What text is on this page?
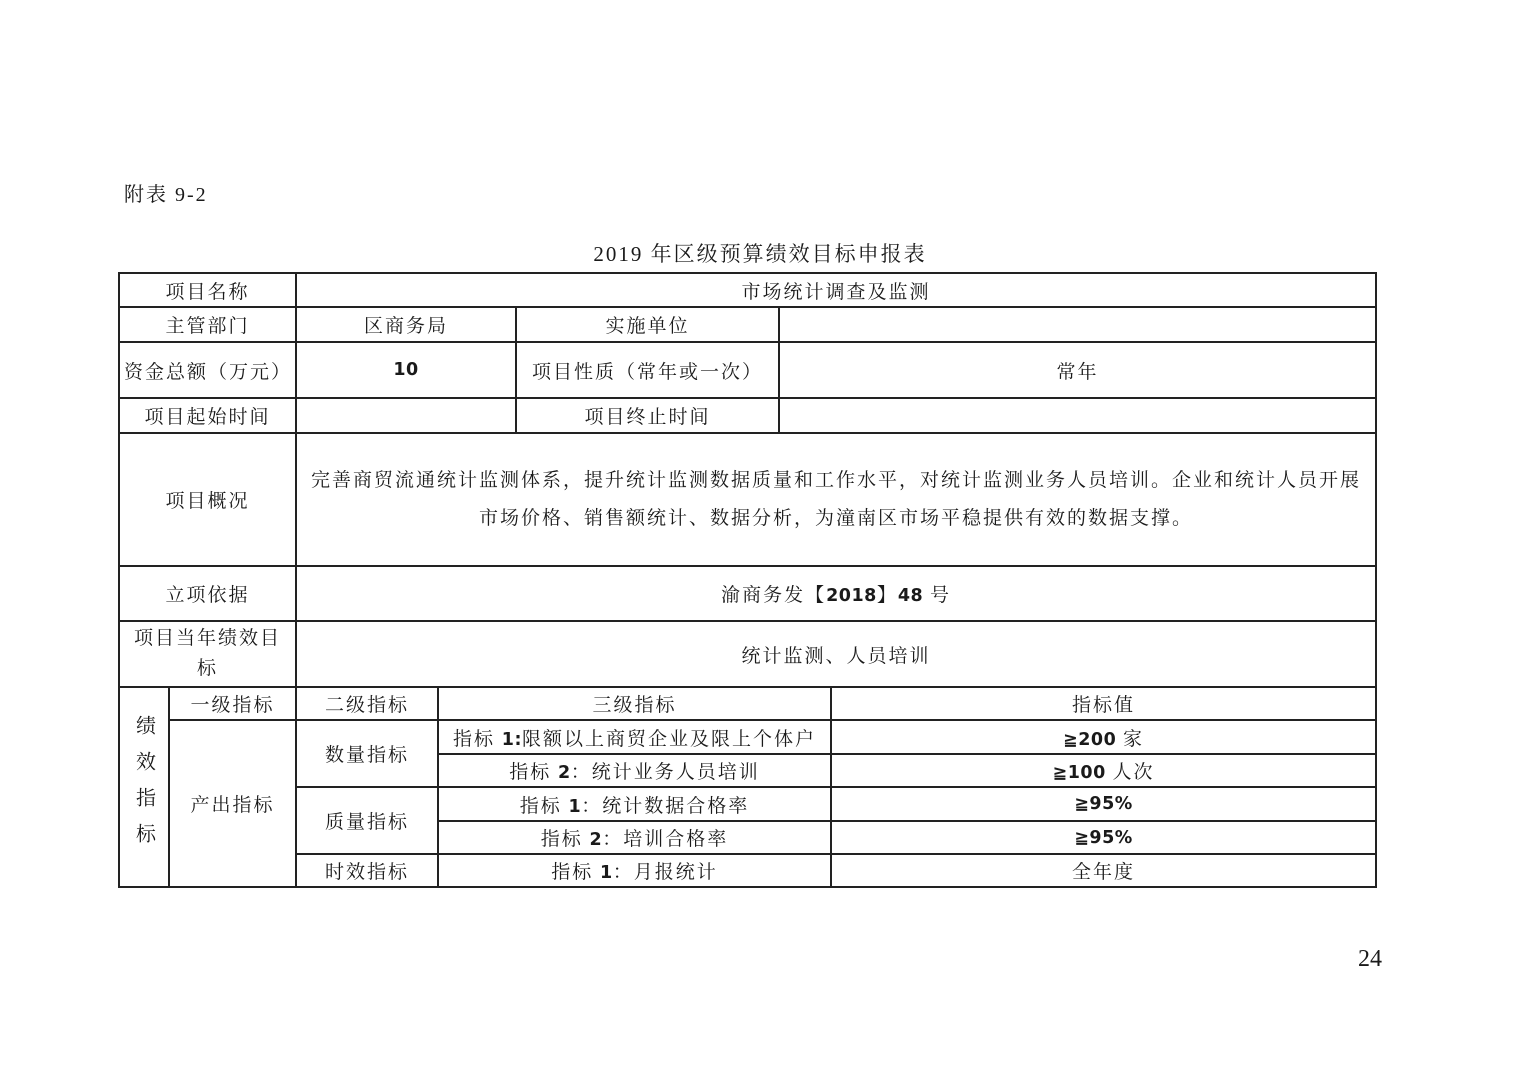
附表 9-2
2019 年区级预算绩效目标申报表
项目名称		市场统计调查及监测				
主管部门		区商务局		实施单位		
资金总额（万元）		10		项目性质（常年或一次）	常年	
项目起始时间				项目终止时间		
项目概况		完善商贸流通统计监测体系，提升统计监测数据质量和工作水平，对统计监测业务人员培训。企业和统计人员开展市场价格、销售额统计、数据分析，为潼南区市场平稳提供有效的数据支撑。				
立项依据		渝商务发【2018】48 号				
项目当年绩效目标		统计监测、人员培训				

绩效指标	一级指标	二级指标	三级指标			指标值
	产出指标	数量指标	指标 1:限额以上商贸企业及限上个体户			≧200 家
			指标 2：统计业务人员培训			≧100 人次
		质量指标	指标 1：统计数据合格率			≧95%
			指标 2：培训合格率			≧95%
		时效指标	指标 1：月报统计			全年度
24
